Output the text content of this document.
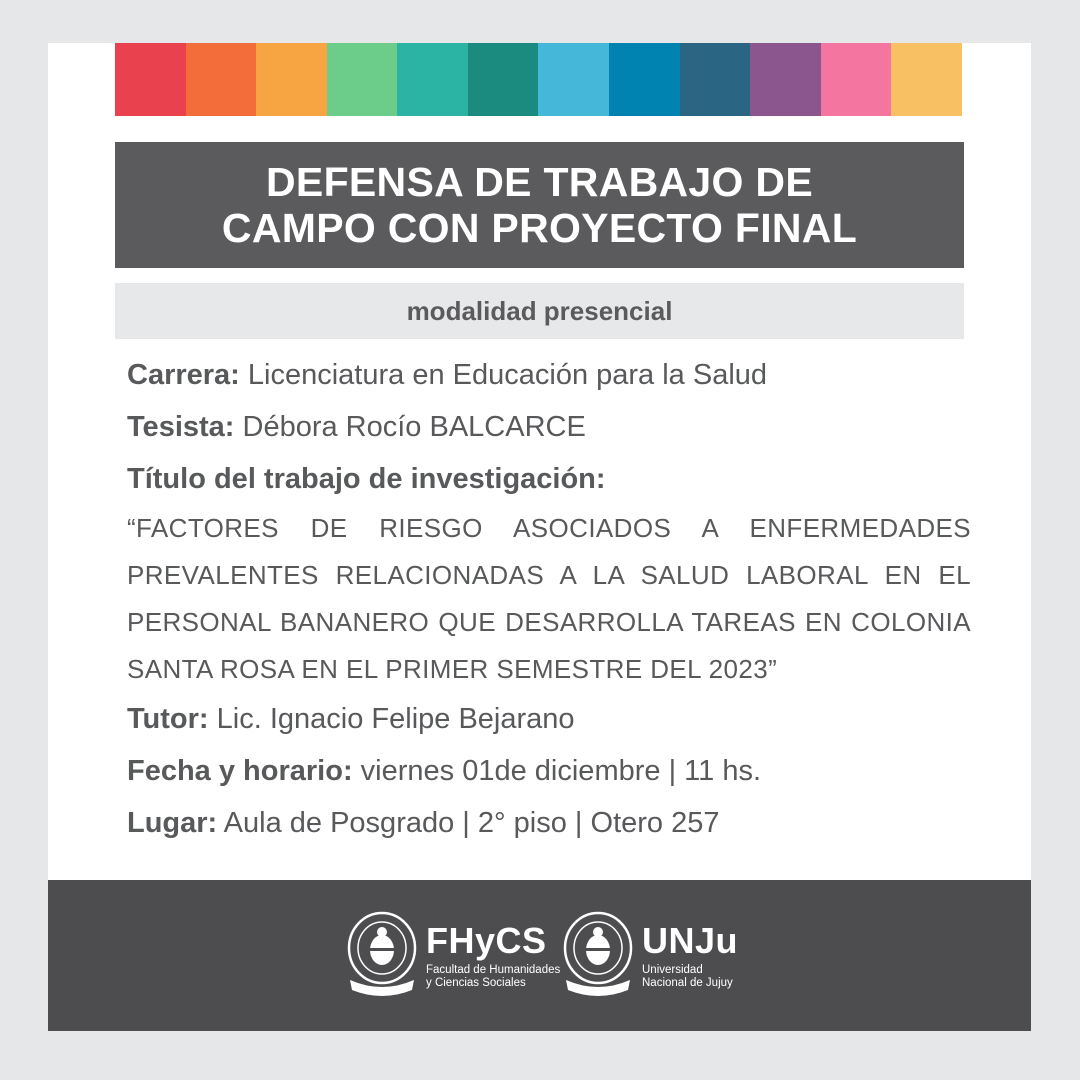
DEFENSA DE TRABAJO DE
CAMPO CON PROYECTO FINAL
modalidad presencial
Carrera: Licenciatura en Educación para la Salud
Tesista: Débora Rocío BALCARCE
Título del trabajo de investigación:
“FACTORES DE RIESGO ASOCIADOS A ENFERMEDADES PREVALENTES RELACIONADAS A LA SALUD LABORAL EN EL PERSONAL BANANERO QUE DESARROLLA TAREAS EN COLONIA SANTA ROSA EN EL PRIMER SEMESTRE DEL 2023”
Tutor: Lic. Ignacio Felipe Bejarano
Fecha y horario: viernes 01de diciembre | 11 hs.
Lugar: Aula de Posgrado | 2° piso | Otero 257
FHyCS
Facultad de Humanidades
y Ciencias Sociales
UNJu
Universidad
Nacional de Jujuy
